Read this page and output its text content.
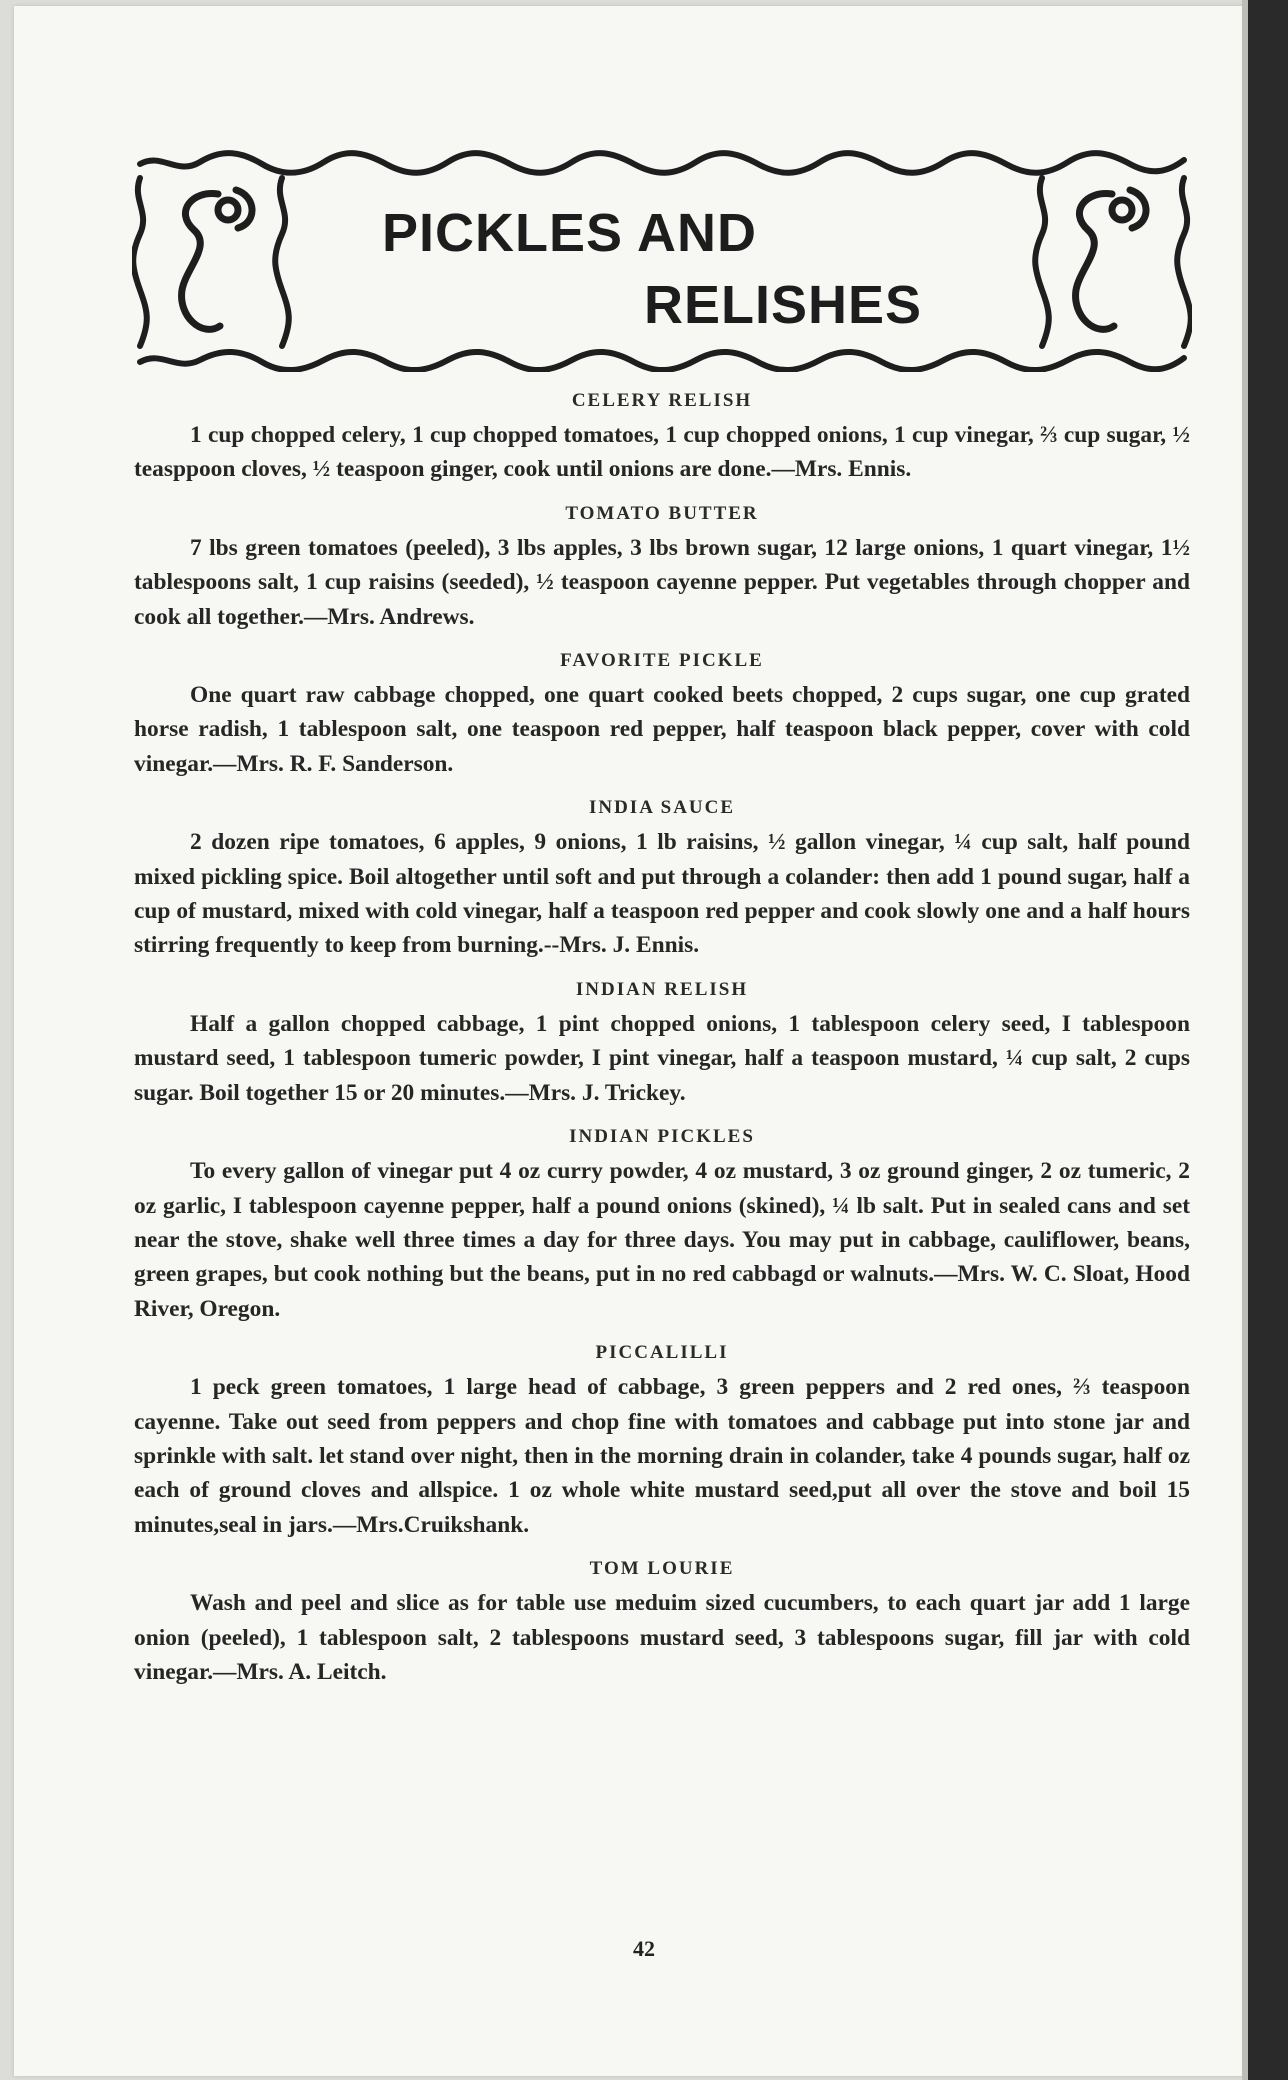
PICKLES AND
RELISHES

CELERY RELISH

1 cup chopped celery, 1 cup chopped tomatoes, 1 cup chopped onions, 1 cup vinegar, ⅔ cup sugar, ½ teasppoon cloves, ½ teaspoon ginger, cook until onions are done.—Mrs. Ennis.

TOMATO BUTTER

7 lbs green tomatoes (peeled), 3 lbs apples, 3 lbs brown sugar, 12 large onions, 1 quart vinegar, 1½ tablespoons salt, 1 cup raisins (seeded), ½ teaspoon cayenne pepper. Put vegetables through chopper and cook all together.—Mrs. Andrews.

FAVORITE PICKLE

One quart raw cabbage chopped, one quart cooked beets chopped, 2 cups sugar, one cup grated horse radish, 1 tablespoon salt, one teaspoon red pepper, half teaspoon black pepper, cover with cold vinegar.—Mrs. R. F. Sanderson.

INDIA SAUCE

2 dozen ripe tomatoes, 6 apples, 9 onions, 1 lb raisins, ½ gallon vinegar, ¼ cup salt, half pound mixed pickling spice. Boil altogether until soft and put through a colander: then add 1 pound sugar, half a cup of mustard, mixed with cold vinegar, half a teaspoon red pepper and cook slowly one and a half hours stirring frequently to keep from burning.--Mrs. J. Ennis.

INDIAN RELISH

Half a gallon chopped cabbage, 1 pint chopped onions, 1 tablespoon celery seed, I tablespoon mustard seed, 1 tablespoon tumeric powder, I pint vinegar, half a teaspoon mustard, ¼ cup salt, 2 cups sugar. Boil together 15 or 20 minutes.—Mrs. J. Trickey.

INDIAN PICKLES

To every gallon of vinegar put 4 oz curry powder, 4 oz mustard, 3 oz ground ginger, 2 oz tumeric, 2 oz garlic, I tablespoon cayenne pepper, half a pound onions (skined), ¼ lb salt. Put in sealed cans and set near the stove, shake well three times a day for three days. You may put in cabbage, cauliflower, beans, green grapes, but cook nothing but the beans, put in no red cabbagd or walnuts.—Mrs. W. C. Sloat, Hood River, Oregon.

PICCALILLI

1 peck green tomatoes, 1 large head of cabbage, 3 green peppers and 2 red ones, ⅔ teaspoon cayenne. Take out seed from peppers and chop fine with tomatoes and cabbage put into stone jar and sprinkle with salt. let stand over night, then in the morning drain in colander, take 4 pounds sugar, half oz each of ground cloves and allspice. 1 oz whole white mustard seed,put all over the stove and boil 15 minutes,seal in jars.—Mrs.Cruikshank.

TOM LOURIE

Wash and peel and slice as for table use meduim sized cucumbers, to each quart jar add 1 large onion (peeled), 1 tablespoon salt, 2 tablespoons mustard seed, 3 tablespoons sugar, fill jar with cold vinegar.—Mrs. A. Leitch.

42
